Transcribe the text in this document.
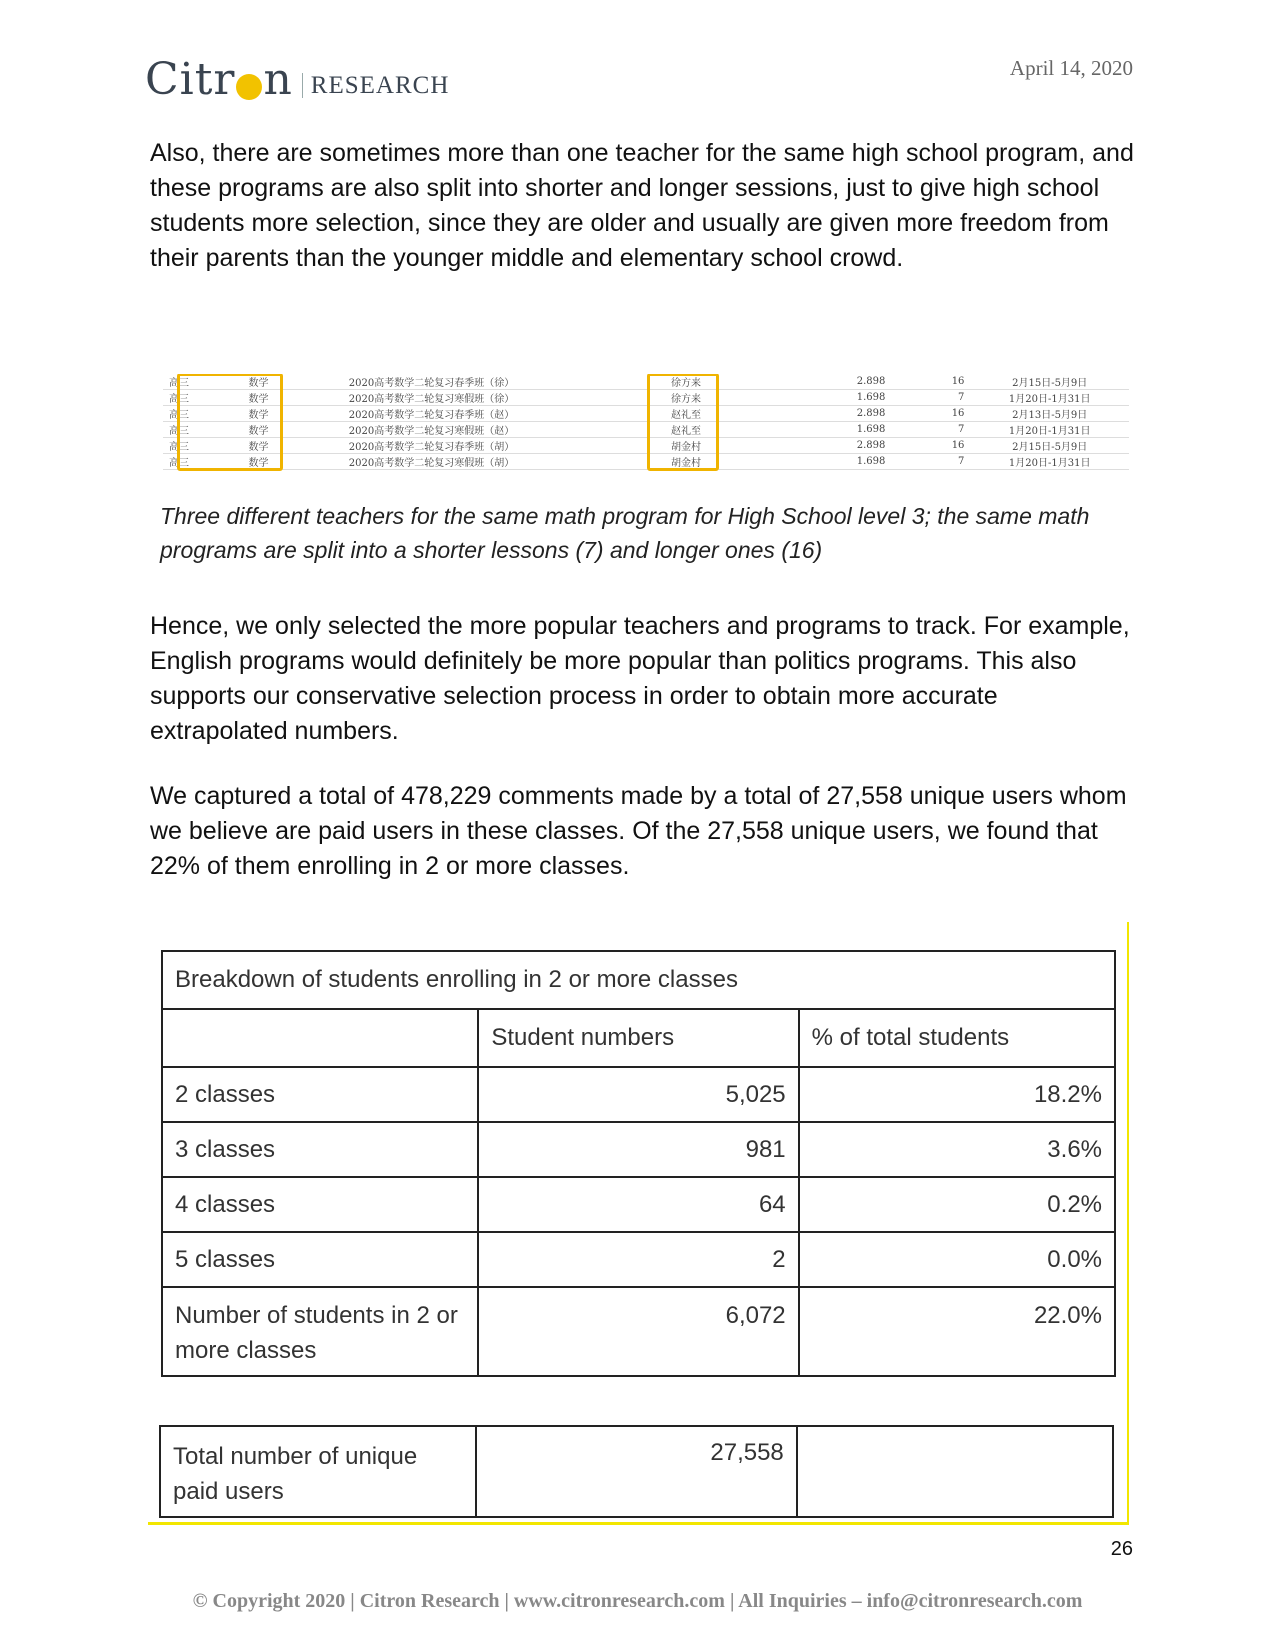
Citr n RESEARCH
April 14, 2020

Also, there are sometimes more than one teacher for the same high school program, and these programs are also split into shorter and longer sessions, just to give high school students more selection, since they are older and usually are given more freedom from their parents than the younger middle and elementary school crowd.

高三	数学	2020高考数学二轮复习春季班（徐）	徐方来	2.898	16	2月15日-5月9日
高三	数学	2020高考数学二轮复习寒假班（徐）	徐方来	1.698	7	1月20日-1月31日
高三	数学	2020高考数学二轮复习春季班（赵）	赵礼至	2.898	16	2月13日-5月9日
高三	数学	2020高考数学二轮复习寒假班（赵）	赵礼至	1.698	7	1月20日-1月31日
高三	数学	2020高考数学二轮复习春季班（胡）	胡金村	2.898	16	2月15日-5月9日
高三	数学	2020高考数学二轮复习寒假班（胡）	胡金村	1.698	7	1月20日-1月31日

Three different teachers for the same math program for High School level 3; the same math programs are split into a shorter lessons (7) and longer ones (16)

Hence, we only selected the more popular teachers and programs to track. For example, English programs would definitely be more popular than politics programs. This also supports our conservative selection process in order to obtain more accurate extrapolated numbers.

We captured a total of 478,229 comments made by a total of 27,558 unique users whom we believe are paid users in these classes. Of the 27,558 unique users, we found that 22% of them enrolling in 2 or more classes.

Breakdown of students enrolling in 2 or more classes		
	Student numbers	% of total students
2 classes	5,025	18.2%
3 classes	981	3.6%
4 classes	64	0.2%
5 classes	2	0.0%
Number of students in 2 or more classes	6,072	22.0%
Total number of unique paid users	27,558	
26
© Copyright 2020 | Citron Research | www.citronresearch.com | All Inquiries – info@citronresearch.com
